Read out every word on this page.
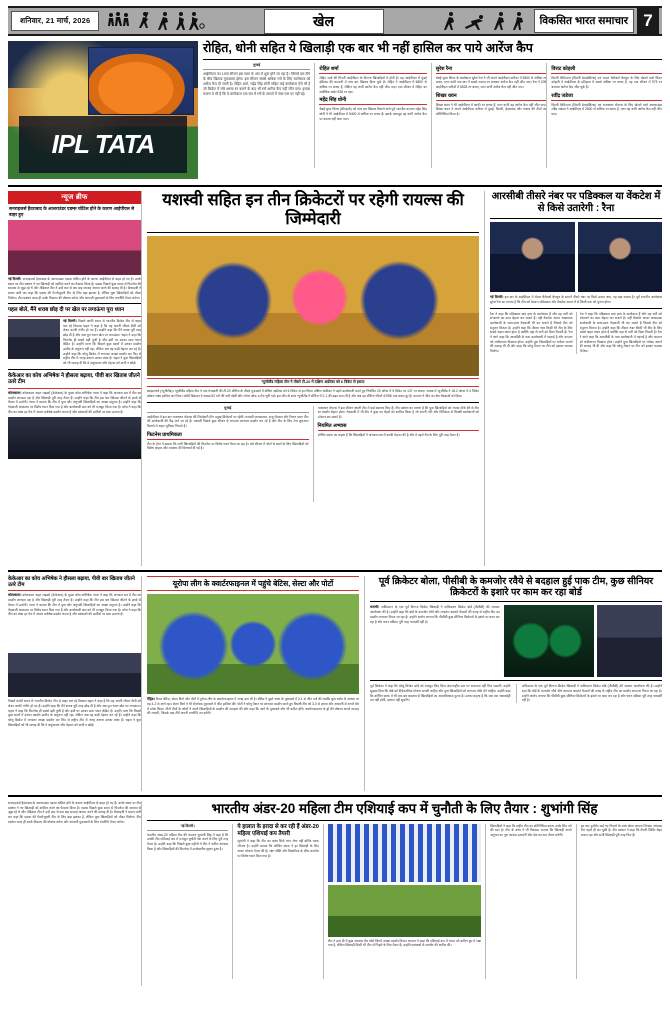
शनिवार, 21 मार्च, 2026	खेल	विकसित भारत समाचार 7
IPL TATA
रोहित, धोनी सहित ये खिलाड़ी एक बार भी नहीं हासिल कर पाये आरेंज कैप
मुम्बई
आईपीएल का 19वां सीजन इस साल के अंत में शुरू होने जा रहा है। जिसमें दस टीमें के बीच खिताब मुकाबला होगा। इस सीजन सबसे अधिक रनों के लिए बल्लेबाज को आरेंज कैप दी जाती है। रोहित शर्मा, महेंद्र सिंह धोनी सहित कई बल्लेबाज ऐसे भी हैं जो क्रिकेट में लंबे अरसा रन बनाने के बाद भी रनों आरेंज कैप नहीं जीत पाए। इसका कारण ये भी है कि ये बल्लेबाज एक सत्र में रनों के मामले में नंबर एक पर नहीं रहे।
रोहित शर्मा
रोहित शर्मा की गिनती आईपीएल के दिग्गज खिलाड़ियों में होती है। वह आईपीएल में मुंबई इंडियंस की कप्तानी में पांच बार खिताब दिला चुके हैं। रोहित ने आईपीएल में 6800 से अधिक रन बनाए हैं, लेकिन वह कभी आरेंज कैप नहीं जीत पाए। एक सीजन में रोहित का सर्वाधिक स्कोर 538 रन रहा।
महेंद्र सिंह धोनी
चेन्नई सुपर किंग्स (सीएसके) को पांच बार खिताब दिलाने वाले पूर्व भारतीय कप्तान महेंद्र सिंह धोनी ने भी आईपीएल में 5400 से अधिक रन बनाए हैं। इसके बावजूद वह कभी आरेंज कैप पर कब्जा नहीं जमा पाए।
सुरेश रैना
चेन्नई सुपर किंग्स के बल्लेबाज सुरेश रैना ने भी अपने आईपीएल करियर में 5500 से अधिक रन बनाए, मगर कभी एक बार में सबसे ज्यादा रन बनाकर आरेंज कैप नहीं जीत पाए। रैना ने 205 आईपीएल पारियों में 5528 रन बनाए, मगर कभी आरेंज कैप नहीं जीत पाए।
शिखर धवन
शिखर धवन ने भी आईपीएल में काफी रन बनाए हैं, मगर कभी वह आरेंज कैप नहीं जीत पाए। शिखर धवन ने अपने आईपीएल करियर में मुंबई, दिल्ली, हैदराबाद और पंजाब की टीमों का प्रतिनिधित्व किया है।
विराट कोहली
दिल्ली कैपिटल्स (दिल्ली डेयरडेविल्स) एवं रायल चैलेंजर्स बेंगलुरु के लिए खेलने वाले विराट कोहली ने आईपीएल के इतिहास में सबसे अधिक रन बनाए हैं, वह एक सीजन में 973 रन बनाकर आरेंज कैप जीत चुके हैं।
रवींद्र जडेजा
दिल्ली कैपिटल्स (दिल्ली डेयरडेविल्स) एवं राजस्थान रॉयल्स के लिए खेलने वाले आलराउंडर रवींद्र जडेजा ने आईपीएल में 2800 से अधिक रन बनाए हैं, मगर वह कभी आरेंज कैप नहीं जीत पाए।
न्यूज ब्रीफ
सनराइजर्स हैदराबाद के आलराउंडर एडम्स चोटिल होने के कारण आईपीएल से बाहर हुए
नई दिल्ली। सनराइजर्स हैदराबाद के आलराउंडर एडम्स चोटिल होने के कारण आईपीएल से बाहर हो गए हैं। उनके स्थान पर टीम प्रबंधन ने नए खिलाड़ी को शामिल करने का फैसला किया है। एडम्स पिछले कुछ समय से फिटनेस की समस्या से जूझ रहे थे और मेडिकल टीम ने उन्हें कम से कम छह सप्ताह आराम करने की सलाह दी है। फ्रेंचाइजी ने बयान जारी कर कहा कि एडम्स की गैरमौजूदगी टीम के लिए बड़ा झटका है, लेकिन युवा खिलाड़ियों को मौका मिलेगा। टीम प्रबंधन जल्द ही उनके विकल्प की घोषणा करेगा और आगामी मुकाबलों के लिए रणनीति तैयार करेगा।
पहल बोले, मैंने शराब छोड़ दी पर खेल पर लगाऊंगा पूरा ध्यान
नई दिल्ली। पिछले काफी समय से भारतीय क्रिकेट टीम से बाहर चल रहे विकास चहल ने कहा है कि वह अपनी जीवन शैली को लेकर काफी गंभीर हो गए हैं। उन्होंने कहा कि मैंने शराब पूरी तरह छोड़ दी है और अब पूरा ध्यान खेल पर लगाऊंगा। चहल ने कहा कि फिटनेस ही सबसे बड़ी पूंजी है और इसी पर उनका सारा ध्यान केंद्रित है। उन्होंने माना कि पिछले कुछ सालों में उनका प्रदर्शन उम्मीद के अनुरूप नहीं रहा, लेकिन अब वह कड़ी मेहनत कर रहे हैं। उन्होंने कहा कि घरेलू क्रिकेट में लगातार अच्छा प्रदर्शन कर फिर से राष्ट्रीय टीम में जगह बनाना उनका लक्ष्य है। चहल ने युवा खिलाड़ियों को भी सलाह दी कि वे अनुशासन और मेहनत को कभी न छोड़ें।
केकेआर का कोच अभिषेक ने हौसला बढ़ाया, पीवी बार खिताब जीतने उतरे टीम
कोलकाता। कोलकाता नाइट राइडर्स (केकेआर) के मुख्य कोच अभिषेक नायर ने कहा कि अभ्यास सत्र में टीम का प्रदर्शन शानदार रहा है और खिलाड़ी पूरी तरह तैयार हैं। उन्होंने कहा कि टीम इस बार खिताब जीतने के इरादे से मैदान में उतरेगी। नायर ने बताया कि टीम में युवा और अनुभवी खिलाड़ियों का अच्छा संतुलन है। उन्होंने कहा कि गेंदबाजी आक्रमण पर विशेष ध्यान दिया गया है और बल्लेबाजी क्रम को भी मजबूत किया गया है। कोच ने कहा कि टीम का लक्ष्य हर मैच में अपना सर्वश्रेष्ठ प्रदर्शन करना है और प्रशंसकों की उम्मीदों पर खरा उतरना है।
यशस्वी सहित इन तीन क्रिकेटरों पर रहेगी रायल्स की जिम्मेदारी
न्यूजीलैंड महिला टीम ने तीसरे टी-20 में दक्षिण अफ्रीका को 6 विकेट से हराया
क्राइस्टचर्च (न्यूजीलैंड)। न्यूजीलैंड महिला टीम ने एक मेजबानी की टी-20 सीरीज के तीसरे मुकाबले में दक्षिण अफ्रीका को 6 विकेट से हरा दिया। दक्षिण अफ्रीका ने पहले बल्लेबाजी करते हुए निर्धारित 20 ओवर में 9 विकेट पर 137 रन बनाए। जवाब में न्यूजीलैंड ने 18.2 ओवर में 4 विकेट खोकर लक्ष्य हासिल कर लिया। सोफी डिवाइन ने नाबाद 52 रनों की पारी खेली और प्लेयर ऑफ द मैच चुनी गईं। इस जीत के साथ न्यूजीलैंड ने सीरीज में 2-1 की बढ़त बना ली है और अब वह सीरीज जीतने से सिर्फ एक कदम दूर है। कप्तान ने जीत का श्रेय गेंदबाजों को दिया।
मुम्बई
आईपीएल में इस बार राजस्थान रॉयल्स की जिम्मेदारी तीन प्रमुख क्रिकेटरों पर रहेगी। यशस्वी जायसवाल, संजू सैमसन और रियान पराग टीम की बल्लेबाजी की रीढ़ माने जा रहे हैं। यशस्वी पिछले कुछ सीजन से लगातार शानदार प्रदर्शन कर रहे हैं और टीम के लिए तेज शुरुआत दिलाने में अहम भूमिका निभाते हैं।
फिटनेस प्राथमिकता
टीम के ट्रेनर ने बताया कि सभी खिलाड़ियों की फिटनेस पर विशेष ध्यान दिया जा रहा है। लंबे सीजन में चोटों से बचने के लिए खिलाड़ियों को विशेष आहार और व्यायाम की दिनचर्या दी गई है।
राजस्थान रॉयल्स ने इस सीजन अपनी टीम में कई बदलाव किए हैं। टीम प्रबंधन का मानना है कि युवा खिलाड़ियों को ज्यादा मौके देने से टीम का प्रदर्शन बेहतर होगा। गेंदबाजी में भी टीम ने कुछ नए चेहरों को शामिल किया है जो अपनी गति और विविधता से विपक्षी बल्लेबाजों को परेशान कर सकते हैं।
नियमित अभ्यास
कोचिंग स्टाफ का कहना है कि खिलाड़ियों ने अभ्यास सत्र में काफी मेहनत की है और वे पहले मैच के लिए पूरी तरह तैयार हैं।
आरसीबी तीसरे नंबर पर पडिक्कल या वेंकटेश में से किसे उतारेगी : रैना
नई दिल्ली। इस बार के आईपीएल में रॉयल चैलेंजर्स बेंगलुरु के सामने तीसरे नंबर पर किसे उतारा जाए, यह बड़ा सवाल है। पूर्व भारतीय बल्लेबाज सुरेश रैना का मानना है कि टीम को देवदत्त पडिक्कल और वेंकटेश अय्यर में से किसी एक को चुनना होगा।
रैना ने कहा कि पडिक्कल बाएं हाथ के बल्लेबाज हैं और वह पारी को संभालने का काम बेहतर कर सकते हैं। वहीं वेंकटेश अय्यर आक्रामक बल्लेबाजी के साथ-साथ गेंदबाजी भी कर सकते हैं जिससे टीम को संतुलन मिलता है। उन्होंने कहा कि तीसरा नंबर किसी भी टीम के लिए सबसे अहम स्थान होता है क्योंकि यहां से पारी को दिशा मिलती है। रैना ने आगे कहा कि आरसीबी के पास बल्लेबाजी में गहराई है और कप्तान को लचीलापन दिखाना होगा। उन्होंने युवा खिलाड़ियों पर भरोसा जताने की सलाह भी दी और कहा कि घरेलू मैदान पर टीम को इसका फायदा मिलेगा।
रैना ने कहा कि पडिक्कल बाएं हाथ के बल्लेबाज हैं और वह पारी को संभालने का काम बेहतर कर सकते हैं। वहीं वेंकटेश अय्यर आक्रामक बल्लेबाजी के साथ-साथ गेंदबाजी भी कर सकते हैं जिससे टीम को संतुलन मिलता है। उन्होंने कहा कि तीसरा नंबर किसी भी टीम के लिए सबसे अहम स्थान होता है क्योंकि यहां से पारी को दिशा मिलती है। रैना ने आगे कहा कि आरसीबी के पास बल्लेबाजी में गहराई है और कप्तान को लचीलापन दिखाना होगा। उन्होंने युवा खिलाड़ियों पर भरोसा जताने की सलाह भी दी और कहा कि घरेलू मैदान पर टीम को इसका फायदा मिलेगा।
केकेआर का कोच अभिषेक ने हौसला बढ़ाया, पीवी बार खिताब जीतने उतरे टीम
कोलकाता। कोलकाता नाइट राइडर्स (केकेआर) के मुख्य कोच अभिषेक नायर ने कहा कि अभ्यास सत्र में टीम का प्रदर्शन शानदार रहा है और खिलाड़ी पूरी तरह तैयार हैं। उन्होंने कहा कि टीम इस बार खिताब जीतने के इरादे से मैदान में उतरेगी। नायर ने बताया कि टीम में युवा और अनुभवी खिलाड़ियों का अच्छा संतुलन है। उन्होंने कहा कि गेंदबाजी आक्रमण पर विशेष ध्यान दिया गया है और बल्लेबाजी क्रम को भी मजबूत किया गया है। कोच ने कहा कि टीम का लक्ष्य हर मैच में अपना सर्वश्रेष्ठ प्रदर्शन करना है और प्रशंसकों की उम्मीदों पर खरा उतरना है।
पिछले काफी समय से भारतीय क्रिकेट टीम से बाहर चल रहे विकास चहल ने कहा है कि वह अपनी जीवन शैली को लेकर काफी गंभीर हो गए हैं। उन्होंने कहा कि मैंने शराब पूरी तरह छोड़ दी है और अब पूरा ध्यान खेल पर लगाऊंगा। चहल ने कहा कि फिटनेस ही सबसे बड़ी पूंजी है और इसी पर उनका सारा ध्यान केंद्रित है। उन्होंने माना कि पिछले कुछ सालों में उनका प्रदर्शन उम्मीद के अनुरूप नहीं रहा, लेकिन अब वह कड़ी मेहनत कर रहे हैं। उन्होंने कहा कि घरेलू क्रिकेट में लगातार अच्छा प्रदर्शन कर फिर से राष्ट्रीय टीम में जगह बनाना उनका लक्ष्य है। चहल ने युवा खिलाड़ियों को भी सलाह दी कि वे अनुशासन और मेहनत को कभी न छोड़ें।
यूरोपा लीग के क्वार्टरफाइनल में पहुंचे बेटिस, सेल्टा और पोर्टो
मैड्रिड। रियल बेटिस, सेल्टा विगो और पोर्टो ने यूरोपा लीग के क्वार्टरफाइनल में जगह बना ली है। बेटिस ने दूसरे चरण के मुकाबले में 2-1 से जीत दर्ज की जबकि कुल स्कोर के आधार पर वह 4-2 से आगे रहा। सेल्टा विगो ने भी रोमांचक मुकाबले में जीत हासिल की। पोर्टो ने घरेलू मैदान पर शानदार प्रदर्शन करते हुए विपक्षी टीम को 3-0 से हराया और आसानी से अगले दौर में प्रवेश किया। तीनों टीमों के कोचों ने अपने खिलाड़ियों के प्रदर्शन की सराहना की और कहा कि आगे के मुकाबले और भी कठिन होंगे। क्वार्टरफाइनल के ड्रॉ की घोषणा अगले सप्ताह की जाएगी, जिसके बाद टीमें अपनी रणनीति तय करेंगी।
पूर्व क्रिकेटर बोला, पीसीबी के कमजोर रवैये से बदहाल हुई पाक टीम, कुछ सीनियर क्रिकेटरों के इशारे पर काम कर रहा बोर्ड
कराची। पाकिस्तान के एक पूर्व दिग्गज क्रिकेट खिलाड़ी ने पाकिस्तान क्रिकेट बोर्ड (पीसीबी) की जमकर आलोचना की है। उन्होंने कहा कि बोर्ड के कमजोर रवैये और लगातार बदलते फैसलों की वजह से राष्ट्रीय टीम का प्रदर्शन लगातार गिरता जा रहा है। उन्होंने आरोप लगाया कि पीसीबी कुछ सीनियर क्रिकेटरों के इशारे पर काम कर रहा है और चयन प्रक्रिया पूरी तरह पारदर्शी नहीं है।
पूर्व क्रिकेटर ने कहा कि घरेलू क्रिकेट ढांचे को मजबूत किए बिना अंतरराष्ट्रीय स्तर पर सफलता नहीं मिल सकती। उन्होंने सुझाव दिया कि बोर्ड को दीर्घकालिक योजना बनानी चाहिए और युवा खिलाड़ियों को लगातार मौके देने चाहिए। उन्होंने कहा कि कोचिंग स्टाफ में भी बार-बार बदलाव से खिलाड़ियों का आत्मविश्वास टूटता है। उनका कहना है कि जब तक जवाबदेही तय नहीं होगी, हालात नहीं सुधरेंगे।
पाकिस्तान के एक पूर्व दिग्गज क्रिकेट खिलाड़ी ने पाकिस्तान क्रिकेट बोर्ड (पीसीबी) की जमकर आलोचना की है। उन्होंने कहा कि बोर्ड के कमजोर रवैये और लगातार बदलते फैसलों की वजह से राष्ट्रीय टीम का प्रदर्शन लगातार गिरता जा रहा है। उन्होंने आरोप लगाया कि पीसीबी कुछ सीनियर क्रिकेटरों के इशारे पर काम कर रहा है और चयन प्रक्रिया पूरी तरह पारदर्शी नहीं है।
सनराइजर्स हैदराबाद के आलराउंडर एडम्स चोटिल होने के कारण आईपीएल से बाहर हो गए हैं। उनके स्थान पर टीम प्रबंधन ने नए खिलाड़ी को शामिल करने का फैसला किया है। एडम्स पिछले कुछ समय से फिटनेस की समस्या से जूझ रहे थे और मेडिकल टीम ने उन्हें कम से कम छह सप्ताह आराम करने की सलाह दी है। फ्रेंचाइजी ने बयान जारी कर कहा कि एडम्स की गैरमौजूदगी टीम के लिए बड़ा झटका है, लेकिन युवा खिलाड़ियों को मौका मिलेगा। टीम प्रबंधन जल्द ही उनके विकल्प की घोषणा करेगा और आगामी मुकाबलों के लिए रणनीति तैयार करेगा।
भारतीय अंडर-20 महिला टीम एशियाई कप में चुनौती के लिए तैयार : शुभांगी सिंह
नई दिल्ली।
भारतीय अंडर-20 महिला टीम की कप्तान शुभांगी सिंह ने कहा है कि उनकी टीम एशियाई कप में मजबूत चुनौती पेश करने के लिए पूरी तरह तैयार है। उन्होंने कहा कि पिछले कुछ महीनों में टीम ने कठिन अभ्यास किया है और खिलाड़ियों की फिटनेस में उल्लेखनीय सुधार हुआ है।
ये हालात के इरादा से कर रही हैं अंडर-20 महिला एशियाई कप तैयारी
शुभांगी ने कहा कि टीम का लक्ष्य सिर्फ भाग लेना नहीं बल्कि पदक जीतना है। उन्होंने बताया कि कोचिंग स्टाफ ने हर खिलाड़ी के लिए अलग योजना तैयार की है। रक्षा पंक्ति और मिडफील्ड के बीच तालमेल पर विशेष ध्यान दिया गया है।
टीम ने हाल ही में कुछ अभ्यास मैच खेले जिनमें अच्छा प्रदर्शन किया। कप्तान ने कहा कि एशियाई कप में भारत को कठिन ग्रुप में रखा गया है, लेकिन खिलाड़ी किसी भी टीम से भिड़ने के लिए तैयार हैं। उन्होंने प्रशंसकों से समर्थन की अपील की।
खिलाड़ियों ने कहा कि राष्ट्रीय टीम का प्रतिनिधित्व करना उनके लिए गर्व की बात है। टीम के कोच ने भी विश्वास जताया कि खिलाड़ी अपने अनुभव का पूरा फायदा उठाएंगी और देश का नाम रोशन करेंगी।
इस बार टूर्नामेंट कई नए नियमों के साथ खेला जाएगा जिनका अभ्यास टीम पहले ही कर चुकी है। टीम प्रबंधन ने कहा कि तैयारी शिविर बेहद सफल रहा और सभी खिलाड़ी पूरी तरह फिट हैं।
